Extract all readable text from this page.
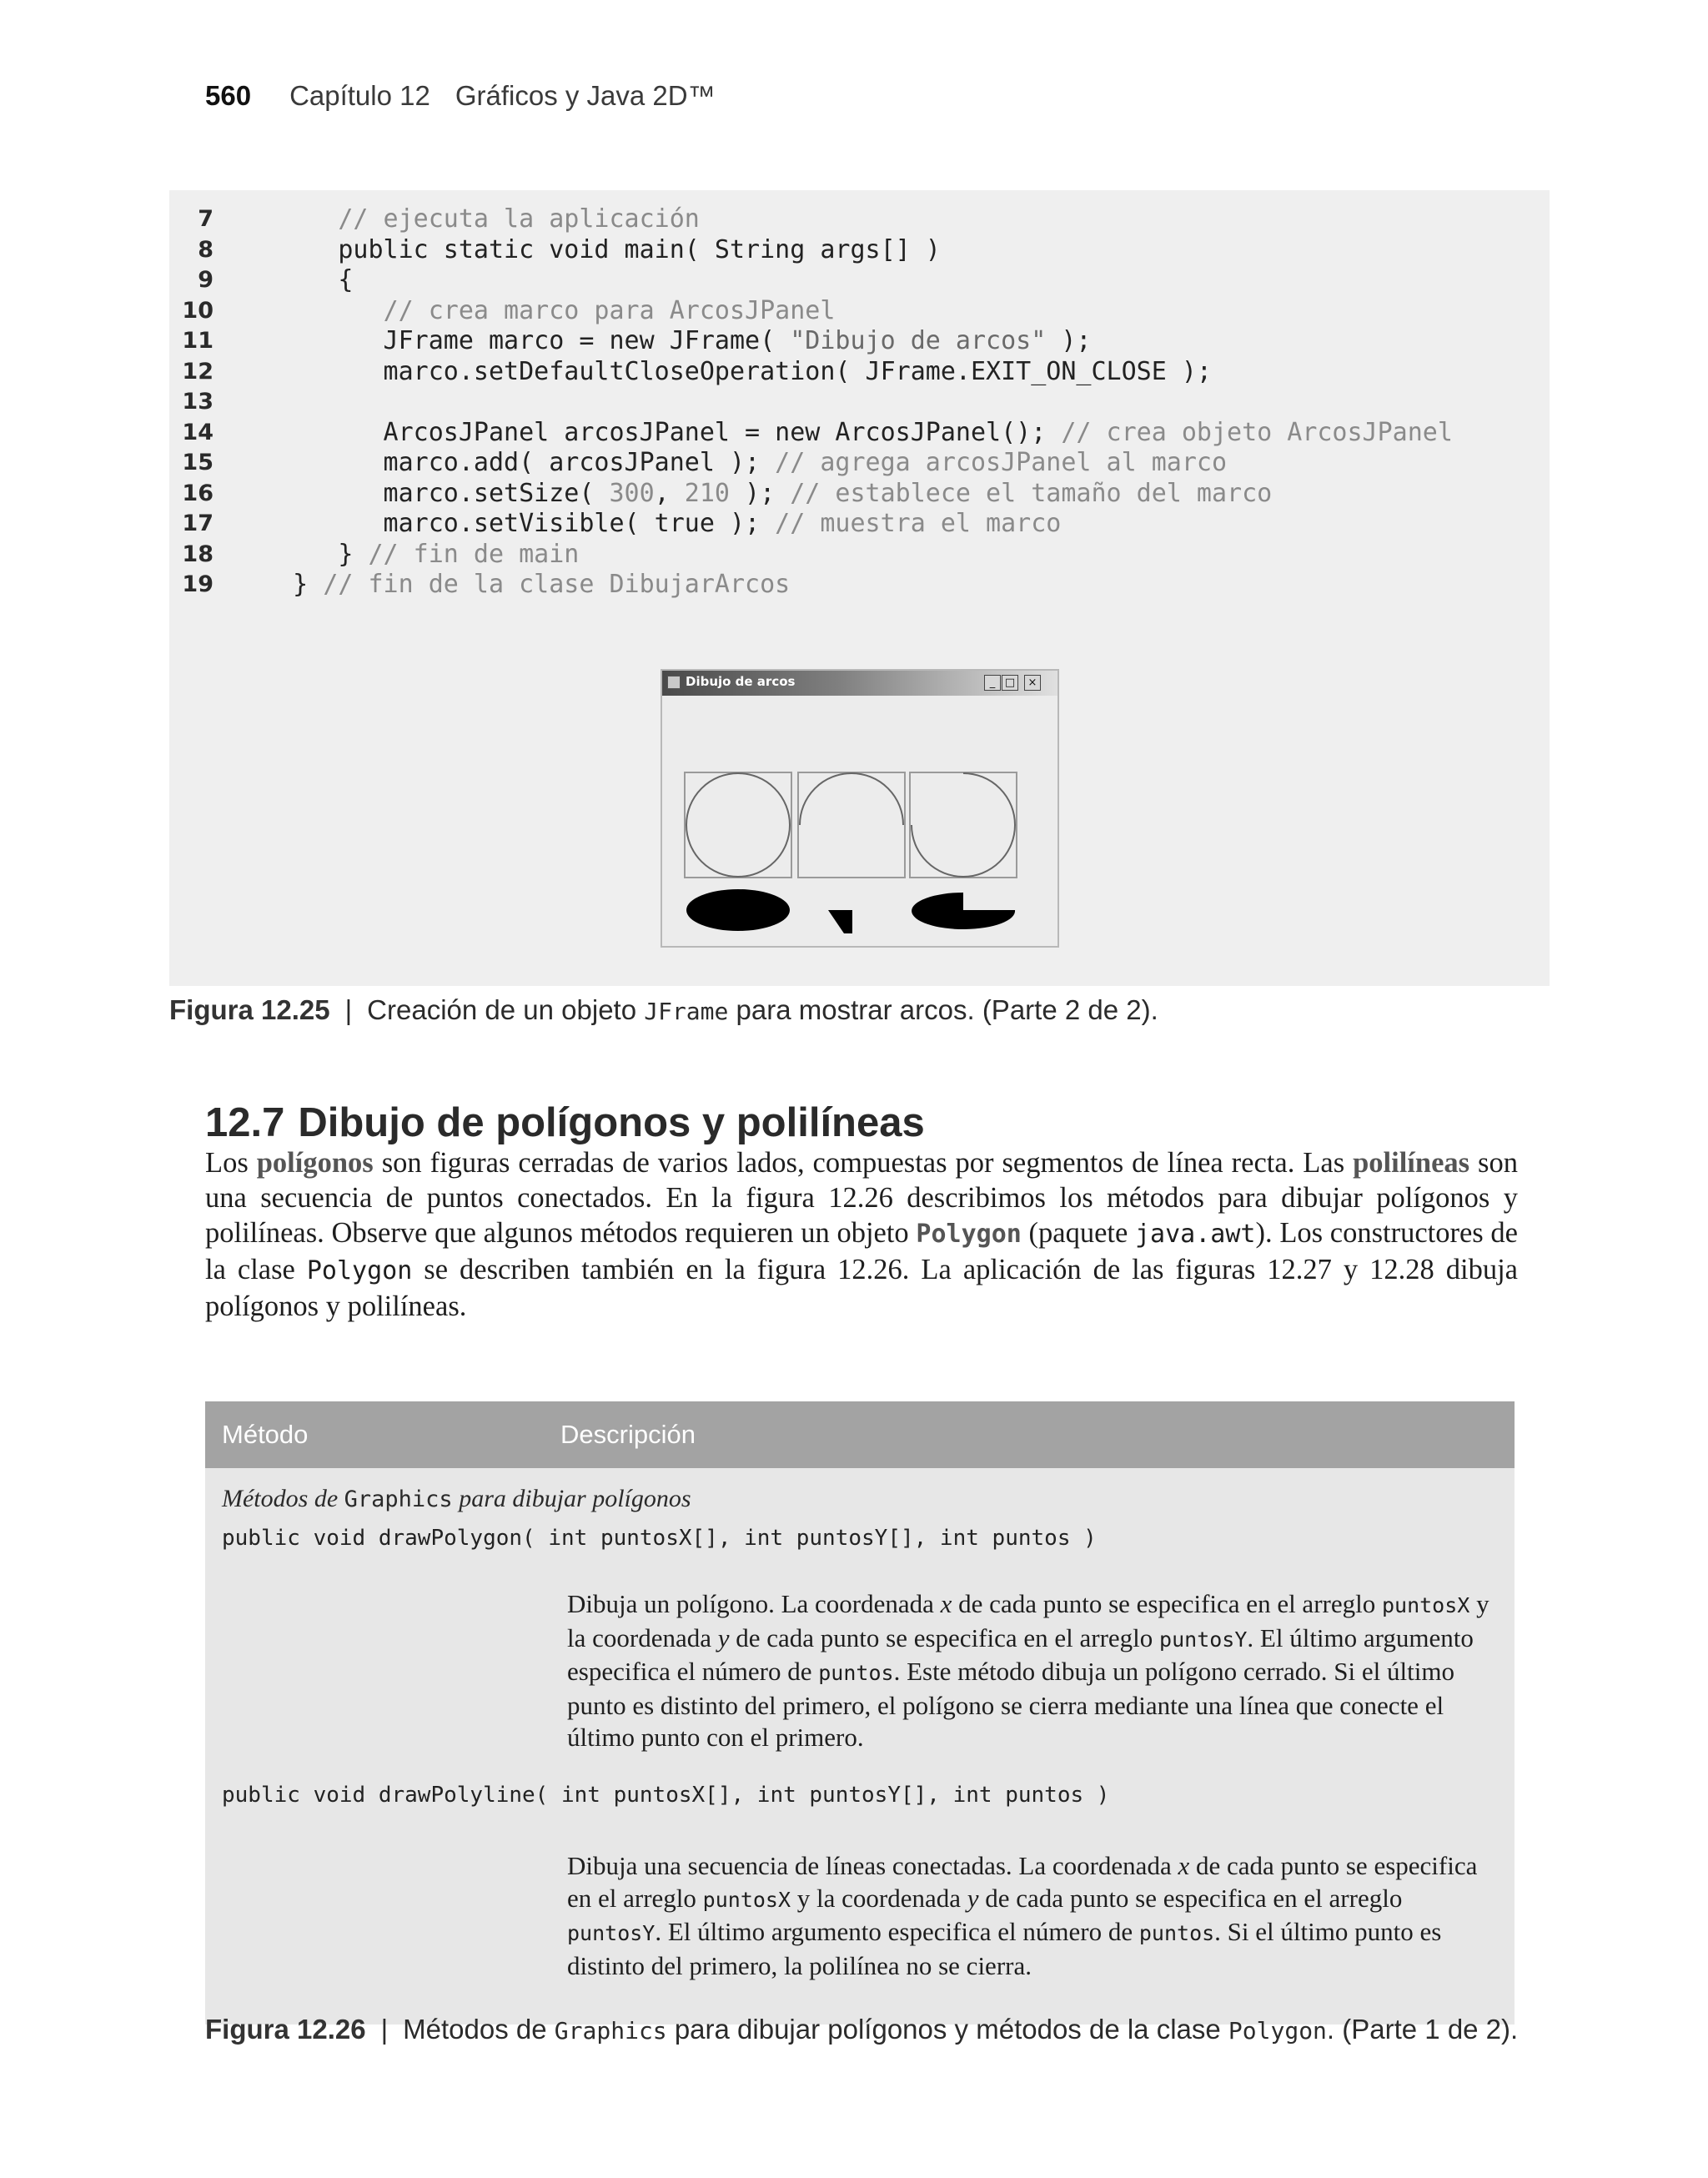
560 Capítulo 12 Gráficos y Java 2D™
7	// ejecuta la aplicación
8 public static void main( String args[] )
9 {
10	// crea marco para ArcosJPanel
11 JFrame marco = new JFrame( "Dibujo de arcos" );
12 marco.setDefaultCloseOperation( JFrame.EXIT_ON_CLOSE );
13
14 ArcosJPanel arcosJPanel = new ArcosJPanel(); // crea objeto ArcosJPanel
15 marco.add( arcosJPanel ); // agrega arcosJPanel al marco
16 marco.setSize( 300, 210 ); // establece el tamaño del marco
17 marco.setVisible( true ); // muestra el marco
18 } // fin de main
19 } // fin de la clase DibujarArcos
Dibujo de arcos	_ □	×
Figura 12.25 | Creación de un objeto JFrame para mostrar arcos. (Parte 2 de 2).
12.7 Dibujo de polígonos y polilíneas
Los polígonos son figuras cerradas de varios lados, compuestas por segmentos de línea recta. Las polilíneas son una secuencia de puntos conectados. En la figura 12.26 describimos los métodos para dibujar polígonos y polilíneas. Observe que algunos métodos requieren un objeto Polygon (paquete java.awt). Los constructores de la clase Polygon se describen también en la figura 12.26. La aplicación de las figuras 12.27 y 12.28 dibuja polígonos y polilíneas.
Método	Descripción
Métodos de Graphics para dibujar polígonos
public void drawPolygon( int puntosX[], int puntosY[], int puntos )
Dibuja un polígono. La coordenada x de cada punto se especifica en el arreglo puntosX y la coordenada y de cada punto se especifica en el arreglo puntosY. El último argumento especifica el número de puntos. Este método dibuja un polígono cerrado. Si el último punto es distinto del primero, el polígono se cierra mediante una línea que conecte el último punto con el primero.
public void drawPolyline( int puntosX[], int puntosY[], int puntos )
Dibuja una secuencia de líneas conectadas. La coordenada x de cada punto se especifica en el arreglo puntosX y la coordenada y de cada punto se especifica en el arreglo puntosY. El último argumento especifica el número de puntos. Si el último punto es distinto del primero, la polilínea no se cierra.
Figura 12.26 | Métodos de Graphics para dibujar polígonos y métodos de la clase Polygon. (Parte 1 de 2).
